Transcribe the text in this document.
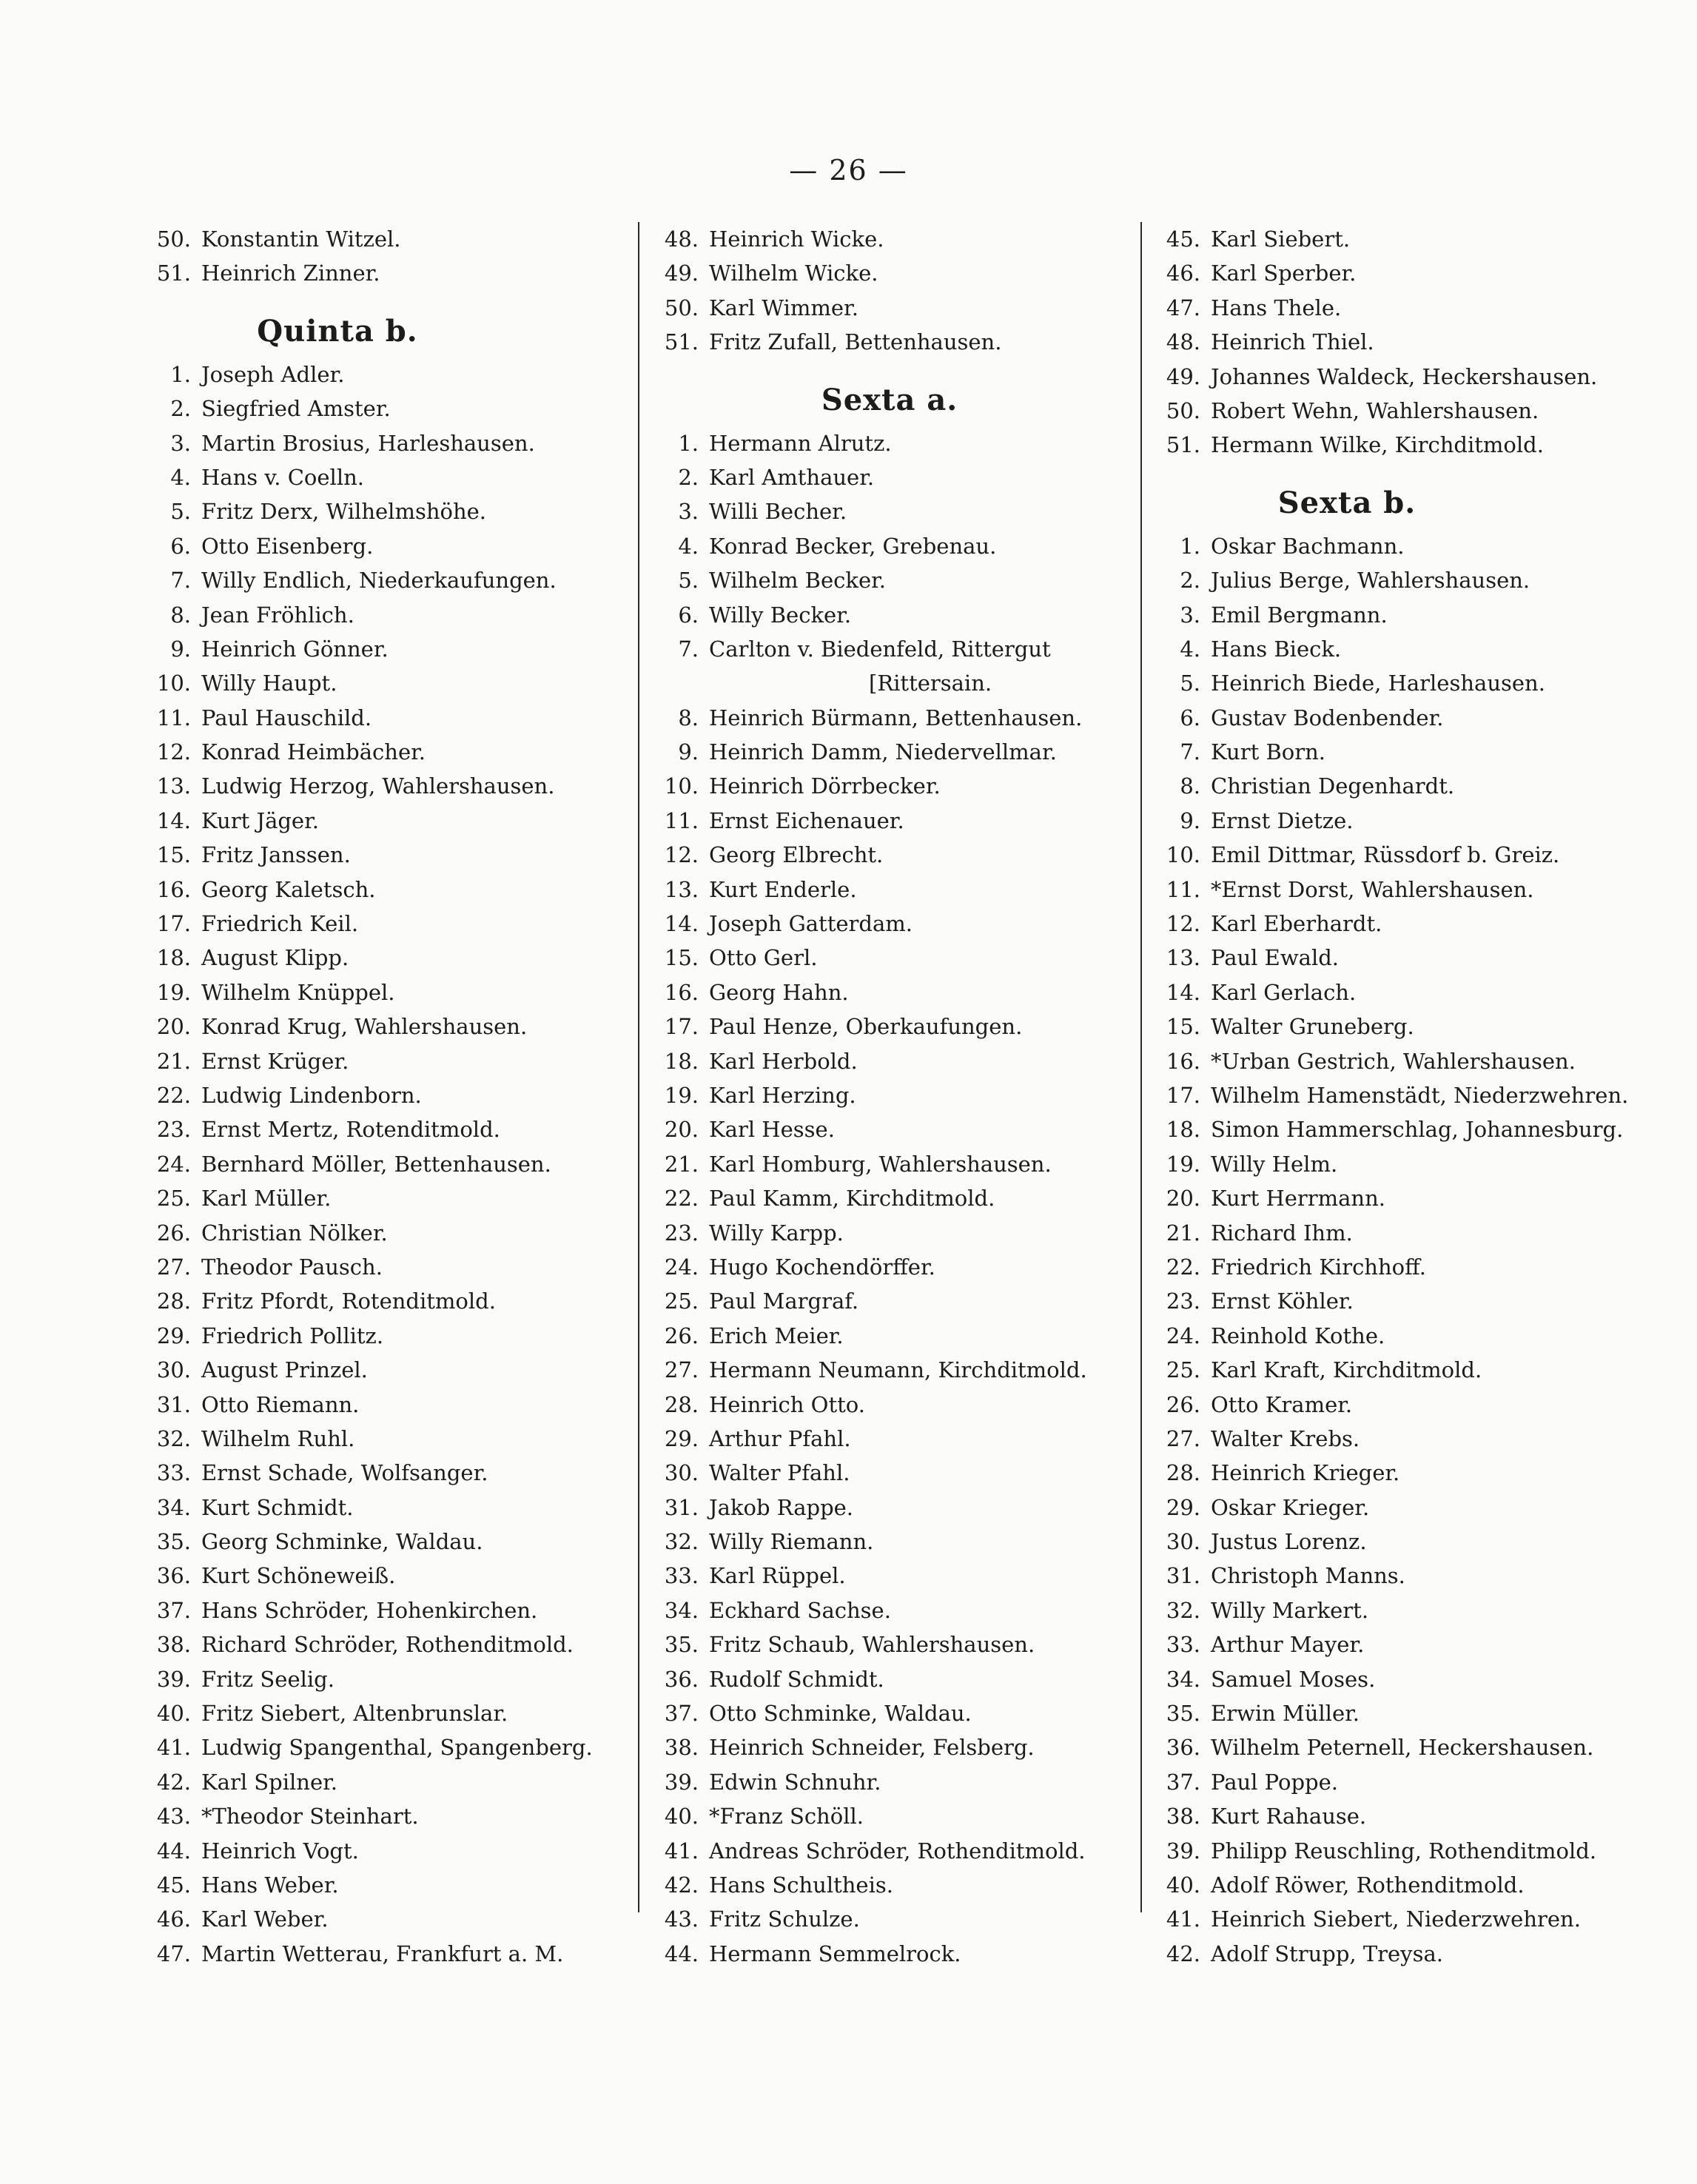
— 26 —
50. Konstantin Witzel.
51. Heinrich Zinner.
Quinta b.
1. Joseph Adler.
2. Siegfried Amster.
3. Martin Brosius, Harleshausen.
4. Hans v. Coelln.
5. Fritz Derx, Wilhelmshöhe.
6. Otto Eisenberg.
7. Willy Endlich, Niederkaufungen.
8. Jean Fröhlich.
9. Heinrich Gönner.
10. Willy Haupt.
11. Paul Hauschild.
12. Konrad Heimbächer.
13. Ludwig Herzog, Wahlershausen.
14. Kurt Jäger.
15. Fritz Janssen.
16. Georg Kaletsch.
17. Friedrich Keil.
18. August Klipp.
19. Wilhelm Knüppel.
20. Konrad Krug, Wahlershausen.
21. Ernst Krüger.
22. Ludwig Lindenborn.
23. Ernst Mertz, Rotenditmold.
24. Bernhard Möller, Bettenhausen.
25. Karl Müller.
26. Christian Nölker.
27. Theodor Pausch.
28. Fritz Pfordt, Rotenditmold.
29. Friedrich Pollitz.
30. August Prinzel.
31. Otto Riemann.
32. Wilhelm Ruhl.
33. Ernst Schade, Wolfsanger.
34. Kurt Schmidt.
35. Georg Schminke, Waldau.
36. Kurt Schöneweiß.
37. Hans Schröder, Hohenkirchen.
38. Richard Schröder, Rothenditmold.
39. Fritz Seelig.
40. Fritz Siebert, Altenbrunslar.
41. Ludwig Spangenthal, Spangenberg.
42. Karl Spilner.
43. *Theodor Steinhart.
44. Heinrich Vogt.
45. Hans Weber.
46. Karl Weber.
47. Martin Wetterau, Frankfurt a. M.
48. Heinrich Wicke.
49. Wilhelm Wicke.
50. Karl Wimmer.
51. Fritz Zufall, Bettenhausen.
Sexta a.
1. Hermann Alrutz.
2. Karl Amthauer.
3. Willi Becher.
4. Konrad Becker, Grebenau.
5. Wilhelm Becker.
6. Willy Becker.
7. Carlton v. Biedenfeld, Rittergut
[Rittersain.
8. Heinrich Bürmann, Bettenhausen.
9. Heinrich Damm, Niedervellmar.
10. Heinrich Dörrbecker.
11. Ernst Eichenauer.
12. Georg Elbrecht.
13. Kurt Enderle.
14. Joseph Gatterdam.
15. Otto Gerl.
16. Georg Hahn.
17. Paul Henze, Oberkaufungen.
18. Karl Herbold.
19. Karl Herzing.
20. Karl Hesse.
21. Karl Homburg, Wahlershausen.
22. Paul Kamm, Kirchditmold.
23. Willy Karpp.
24. Hugo Kochendörffer.
25. Paul Margraf.
26. Erich Meier.
27. Hermann Neumann, Kirchditmold.
28. Heinrich Otto.
29. Arthur Pfahl.
30. Walter Pfahl.
31. Jakob Rappe.
32. Willy Riemann.
33. Karl Rüppel.
34. Eckhard Sachse.
35. Fritz Schaub, Wahlershausen.
36. Rudolf Schmidt.
37. Otto Schminke, Waldau.
38. Heinrich Schneider, Felsberg.
39. Edwin Schnuhr.
40. *Franz Schöll.
41. Andreas Schröder, Rothenditmold.
42. Hans Schultheis.
43. Fritz Schulze.
44. Hermann Semmelrock.
45. Karl Siebert.
46. Karl Sperber.
47. Hans Thele.
48. Heinrich Thiel.
49. Johannes Waldeck, Heckershausen.
50. Robert Wehn, Wahlershausen.
51. Hermann Wilke, Kirchditmold.
Sexta b.
1. Oskar Bachmann.
2. Julius Berge, Wahlershausen.
3. Emil Bergmann.
4. Hans Bieck.
5. Heinrich Biede, Harleshausen.
6. Gustav Bodenbender.
7. Kurt Born.
8. Christian Degenhardt.
9. Ernst Dietze.
10. Emil Dittmar, Rüssdorf b. Greiz.
11. *Ernst Dorst, Wahlershausen.
12. Karl Eberhardt.
13. Paul Ewald.
14. Karl Gerlach.
15. Walter Gruneberg.
16. *Urban Gestrich, Wahlershausen.
17. Wilhelm Hamenstädt, Niederzwehren.
18. Simon Hammerschlag, Johannesburg.
19. Willy Helm.
20. Kurt Herrmann.
21. Richard Ihm.
22. Friedrich Kirchhoff.
23. Ernst Köhler.
24. Reinhold Kothe.
25. Karl Kraft, Kirchditmold.
26. Otto Kramer.
27. Walter Krebs.
28. Heinrich Krieger.
29. Oskar Krieger.
30. Justus Lorenz.
31. Christoph Manns.
32. Willy Markert.
33. Arthur Mayer.
34. Samuel Moses.
35. Erwin Müller.
36. Wilhelm Peternell, Heckershausen.
37. Paul Poppe.
38. Kurt Rahause.
39. Philipp Reuschling, Rothenditmold.
40. Adolf Röwer, Rothenditmold.
41. Heinrich Siebert, Niederzwehren.
42. Adolf Strupp, Treysa.
